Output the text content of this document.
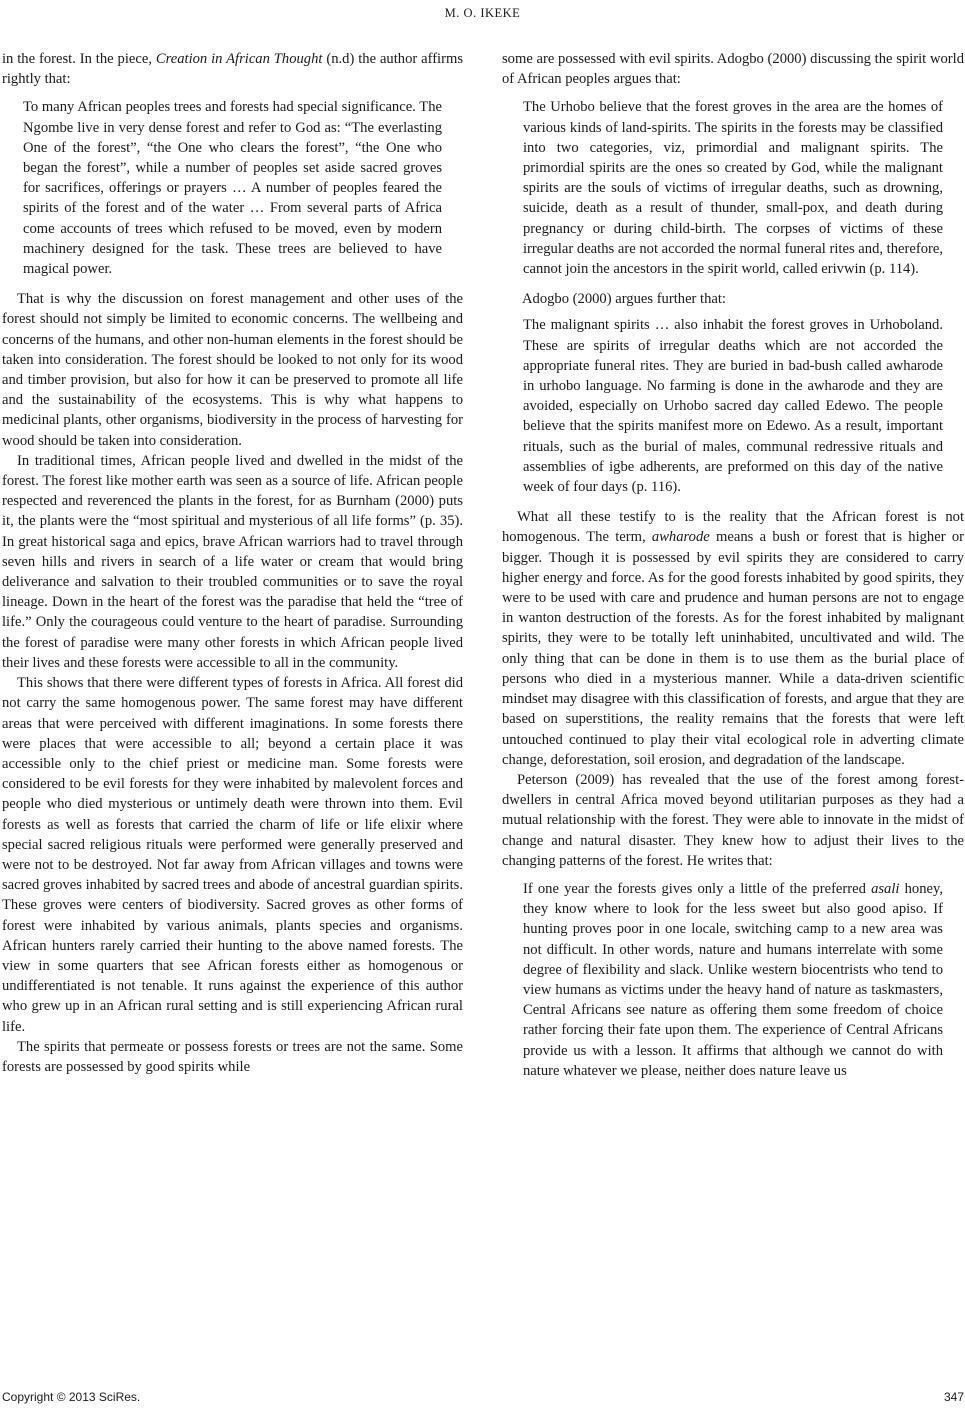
M. O. IKEKE

in the forest. In the piece, Creation in African Thought (n.d) the author affirms rightly that:

To many African peoples trees and forests had special significance. The Ngombe live in very dense forest and refer to God as: “The everlasting One of the forest”, “the One who clears the forest”, “the One who began the forest”, while a number of peoples set aside sacred groves for sacrifices, offerings or prayers … A number of peoples feared the spirits of the forest and of the water … From several parts of Africa come accounts of trees which refused to be moved, even by modern machinery designed for the task. These trees are believed to have magical power.

That is why the discussion on forest management and other uses of the forest should not simply be limited to economic concerns. The wellbeing and concerns of the humans, and other non-human elements in the forest should be taken into consideration. The forest should be looked to not only for its wood and timber provision, but also for how it can be preserved to promote all life and the sustainability of the ecosystems. This is why what happens to medicinal plants, other organisms, biodiversity in the process of harvesting for wood should be taken into consideration.

In traditional times, African people lived and dwelled in the midst of the forest. The forest like mother earth was seen as a source of life. African people respected and reverenced the plants in the forest, for as Burnham (2000) puts it, the plants were the “most spiritual and mysterious of all life forms” (p. 35). In great historical saga and epics, brave African warriors had to travel through seven hills and rivers in search of a life water or cream that would bring deliverance and salvation to their troubled communities or to save the royal lineage. Down in the heart of the forest was the paradise that held the “tree of life.” Only the courageous could venture to the heart of paradise. Surrounding the forest of paradise were many other forests in which African people lived their lives and these forests were accessible to all in the community.

This shows that there were different types of forests in Africa. All forest did not carry the same homogenous power. The same forest may have different areas that were perceived with different imaginations. In some forests there were places that were accessible to all; beyond a certain place it was accessible only to the chief priest or medicine man. Some forests were considered to be evil forests for they were inhabited by malevolent forces and people who died mysterious or untimely death were thrown into them. Evil forests as well as forests that carried the charm of life or life elixir where special sacred religious rituals were performed were generally preserved and were not to be destroyed. Not far away from African villages and towns were sacred groves inhabited by sacred trees and abode of ancestral guardian spirits. These groves were centers of biodiversity. Sacred groves as other forms of forest were inhabited by various animals, plants species and organisms. African hunters rarely carried their hunting to the above named forests. The view in some quarters that see African forests either as homogenous or undifferentiated is not tenable. It runs against the experience of this author who grew up in an African rural setting and is still experiencing African rural life.

The spirits that permeate or possess forests or trees are not the same. Some forests are possessed by good spirits while

some are possessed with evil spirits. Adogbo (2000) discussing the spirit world of African peoples argues that:

The Urhobo believe that the forest groves in the area are the homes of various kinds of land-spirits. The spirits in the forests may be classified into two categories, viz, primordial and malignant spirits. The primordial spirits are the ones so created by God, while the malignant spirits are the souls of victims of irregular deaths, such as drowning, suicide, death as a result of thunder, small-pox, and death during pregnancy or during child-birth. The corpses of victims of these irregular deaths are not accorded the normal funeral rites and, therefore, cannot join the ancestors in the spirit world, called erivwin (p. 114).

Adogbo (2000) argues further that:

The malignant spirits … also inhabit the forest groves in Urhoboland. These are spirits of irregular deaths which are not accorded the appropriate funeral rites. They are buried in bad-bush called awharode in urhobo language. No farming is done in the awharode and they are avoided, especially on Urhobo sacred day called Edewo. The people believe that the spirits manifest more on Edewo. As a result, important rituals, such as the burial of males, communal redressive rituals and assemblies of igbe adherents, are preformed on this day of the native week of four days (p. 116).

What all these testify to is the reality that the African forest is not homogenous. The term, awharode means a bush or forest that is higher or bigger. Though it is possessed by evil spirits they are considered to carry higher energy and force. As for the good forests inhabited by good spirits, they were to be used with care and prudence and human persons are not to engage in wanton destruction of the forests. As for the forest inhabited by malignant spirits, they were to be totally left uninhabited, uncultivated and wild. The only thing that can be done in them is to use them as the burial place of persons who died in a mysterious manner. While a data-driven scientific mindset may disagree with this classification of forests, and argue that they are based on superstitions, the reality remains that the forests that were left untouched continued to play their vital ecological role in adverting climate change, deforestation, soil erosion, and degradation of the landscape.

Peterson (2009) has revealed that the use of the forest among forest-dwellers in central Africa moved beyond utilitarian purposes as they had a mutual relationship with the forest. They were able to innovate in the midst of change and natural disaster. They knew how to adjust their lives to the changing patterns of the forest. He writes that:

If one year the forests gives only a little of the preferred asali honey, they know where to look for the less sweet but also good apiso. If hunting proves poor in one locale, switching camp to a new area was not difficult. In other words, nature and humans interrelate with some degree of flexibility and slack. Unlike western biocentrists who tend to view humans as victims under the heavy hand of nature as taskmasters, Central Africans see nature as offering them some freedom of choice rather forcing their fate upon them. The experience of Central Africans provide us with a lesson. It affirms that although we cannot do with nature whatever we please, neither does nature leave us

Copyright © 2013 SciRes.	347
